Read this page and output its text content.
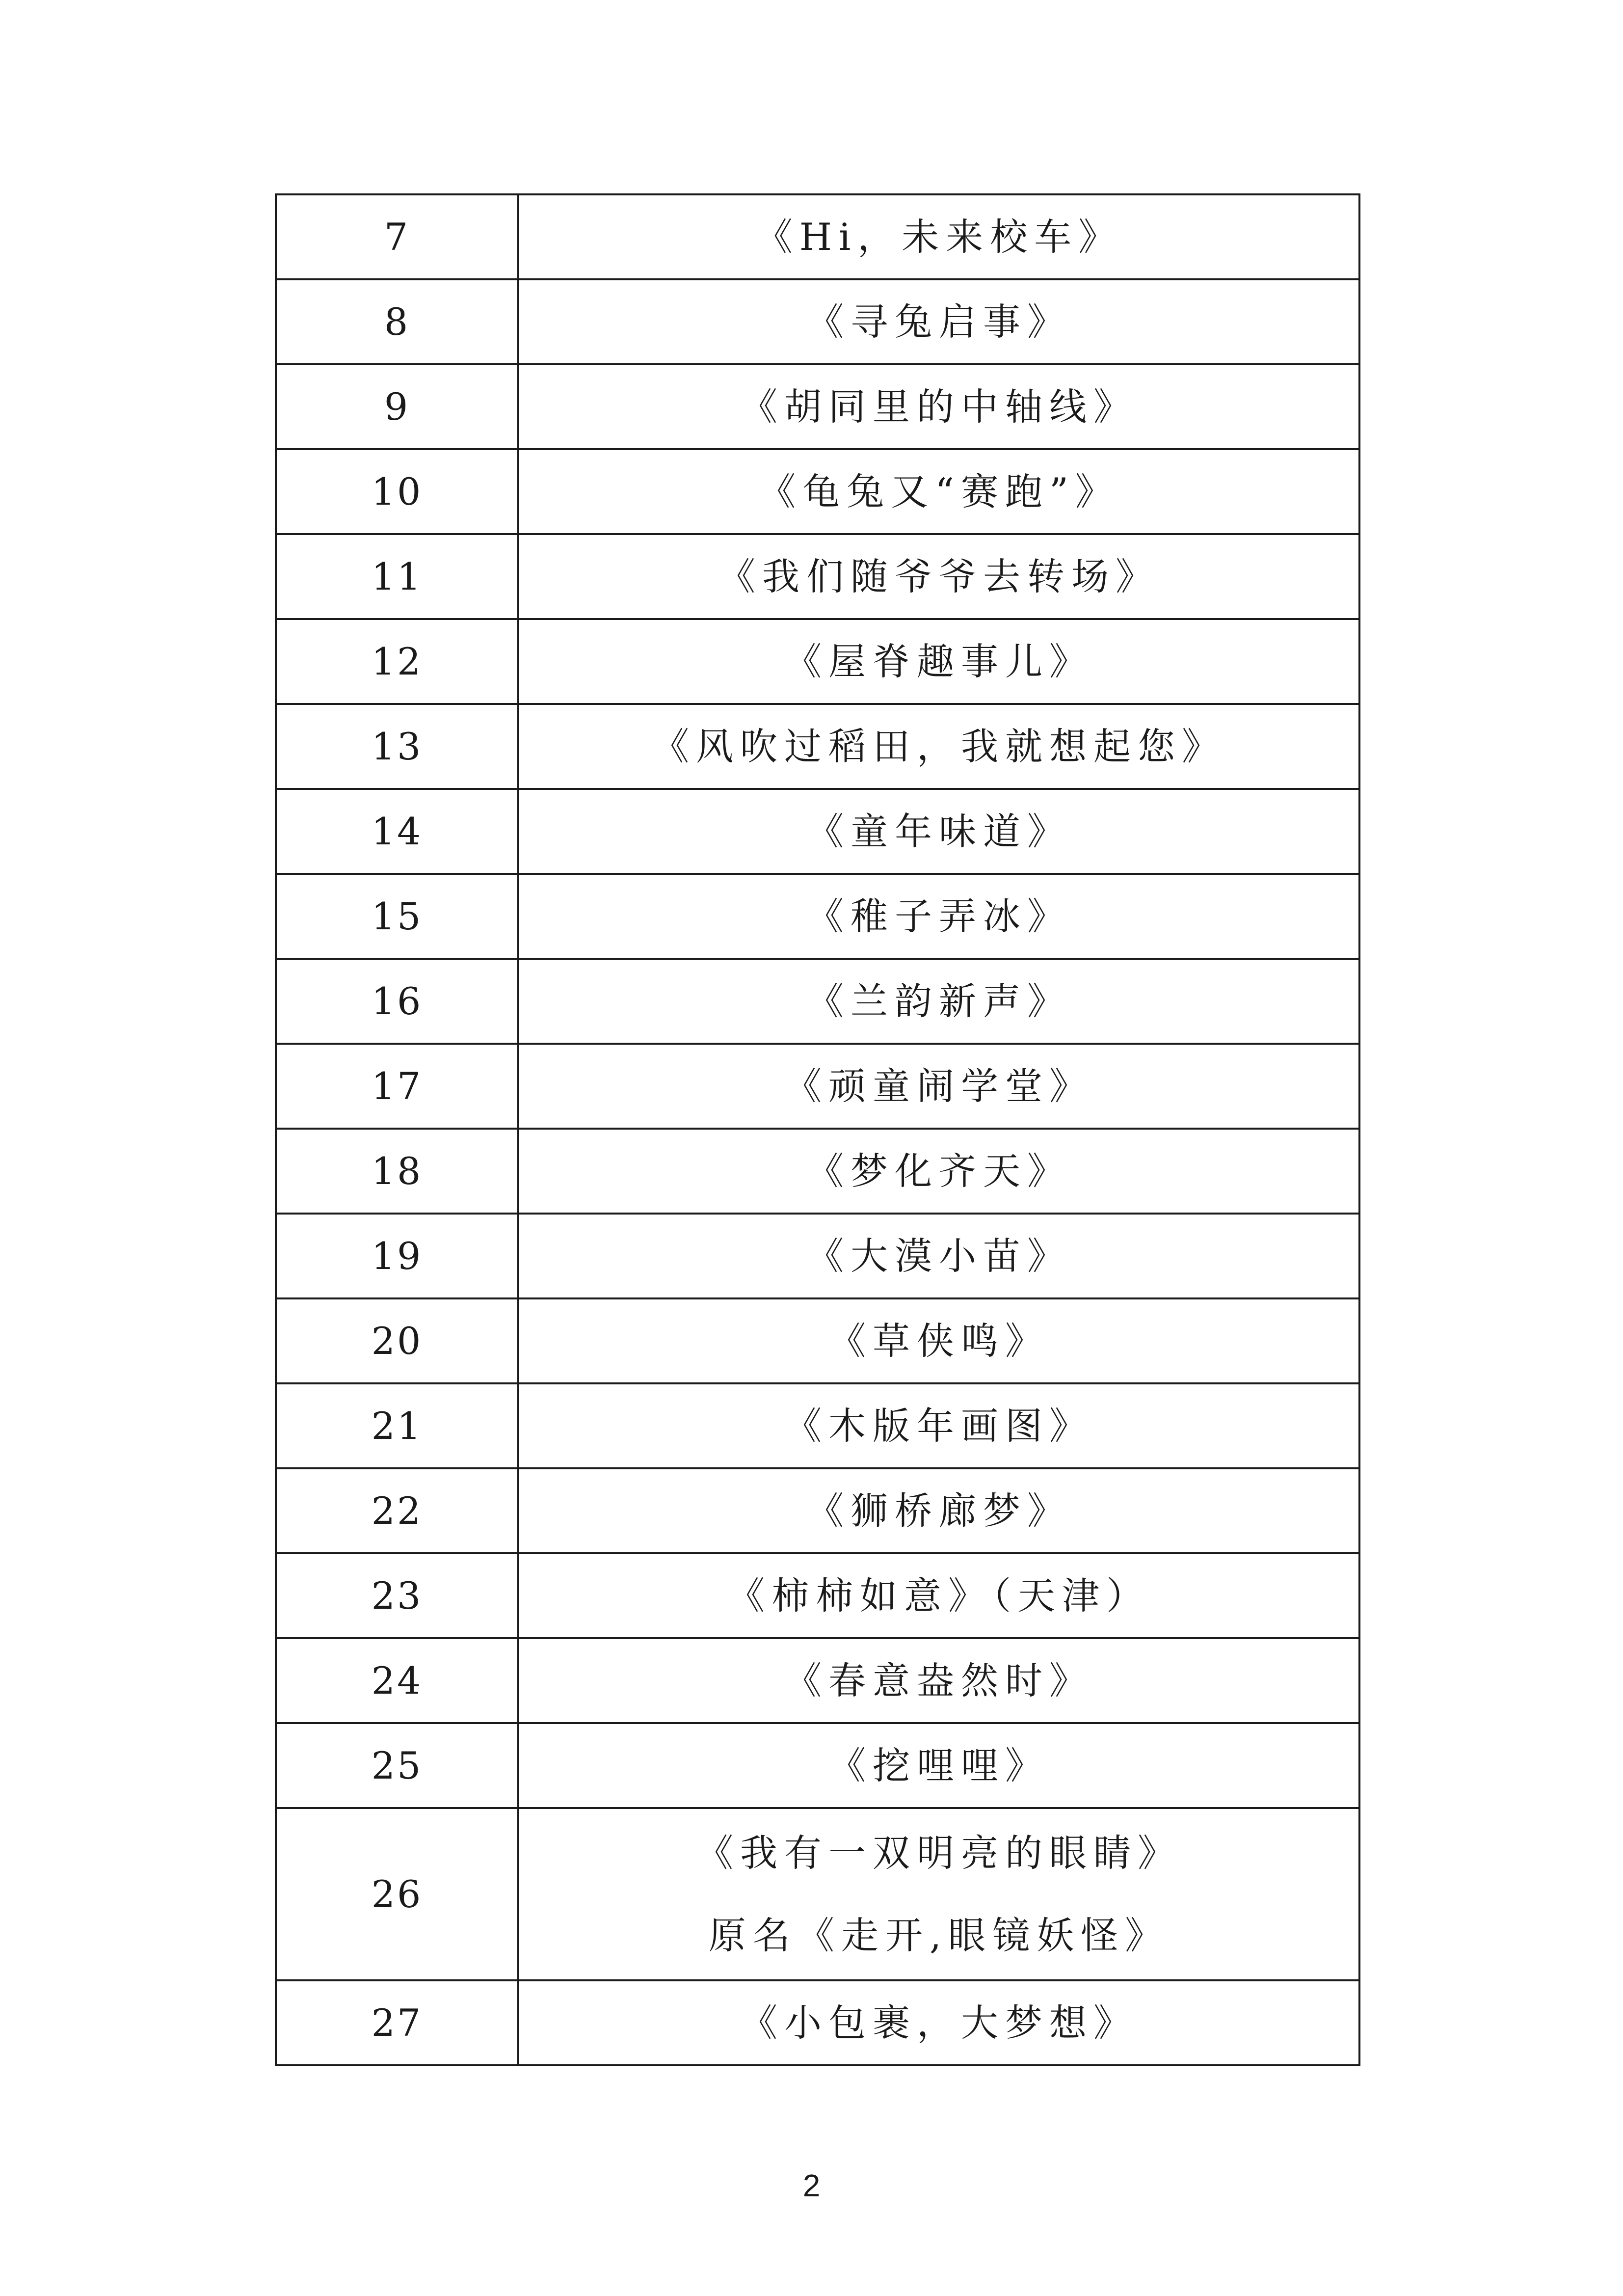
7	《Hi，未来校车》
8	《寻兔启事》
9	《胡同里的中轴线》
10	《龟兔又“赛跑”》
11	《我们随爷爷去转场》
12	《屋脊趣事儿》
13	《风吹过稻田，我就想起您》
14	《童年味道》
15	《稚子弄冰》
16	《兰韵新声》
17	《顽童闹学堂》
18	《梦化齐天》
19	《大漠小苗》
20	《草侠鸣》
21	《木版年画图》
22	《狮桥廊梦》
23	《柿柿如意》（天津）
24	《春意盎然时》
25	《挖哩哩》
26	《我有一双明亮的眼睛》
原名《走开,眼镜妖怪》

27	《小包裹，大梦想》
2
